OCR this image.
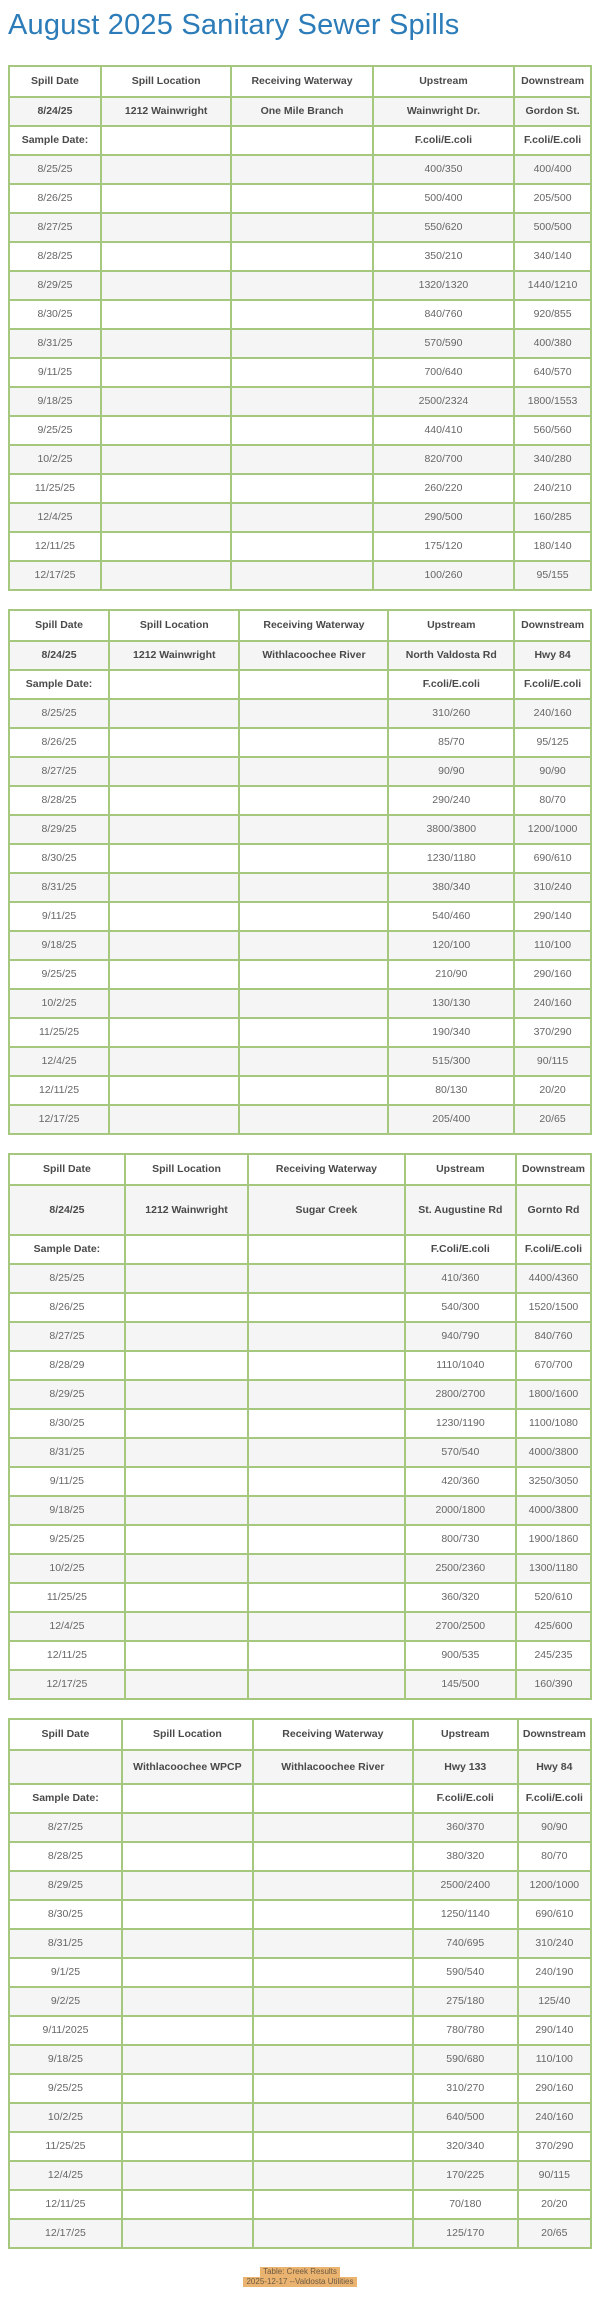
August 2025 Sanitary Sewer Spills
Spill Date	Spill Location	Receiving Waterway	Upstream	Downstream
8/24/25	1212 Wainwright	One Mile Branch	Wainwright Dr.	Gordon St.
Sample Date:			F.coli/E.coli	F.coli/E.coli
8/25/25			400/350	400/400
8/26/25			500/400	205/500
8/27/25			550/620	500/500
8/28/25			350/210	340/140
8/29/25			1320/1320	1440/1210
8/30/25			840/760	920/855
8/31/25			570/590	400/380
9/11/25			700/640	640/570
9/18/25			2500/2324	1800/1553
9/25/25			440/410	560/560
10/2/25			820/700	340/280
11/25/25			260/220	240/210
12/4/25			290/500	160/285
12/11/25			175/120	180/140
12/17/25			100/260	95/155
Spill Date	Spill Location	Receiving Waterway	Upstream	Downstream
8/24/25	1212 Wainwright	Withlacoochee River	North Valdosta Rd	Hwy 84
Sample Date:			F.coli/E.coli	F.coli/E.coli
8/25/25			310/260	240/160
8/26/25			85/70	95/125
8/27/25			90/90	90/90
8/28/25			290/240	80/70
8/29/25			3800/3800	1200/1000
8/30/25			1230/1180	690/610
8/31/25			380/340	310/240
9/11/25			540/460	290/140
9/18/25			120/100	110/100
9/25/25			210/90	290/160
10/2/25			130/130	240/160
11/25/25			190/340	370/290
12/4/25			515/300	90/115
12/11/25			80/130	20/20
12/17/25			205/400	20/65
Spill Date	Spill Location	Receiving Waterway	Upstream	Downstream
8/24/25	1212 Wainwright	Sugar Creek	St. Augustine Rd	Gornto Rd
Sample Date:			F.Coli/E.coli	F.coli/E.coli
8/25/25			410/360	4400/4360
8/26/25			540/300	1520/1500
8/27/25			940/790	840/760
8/28/29			1110/1040	670/700
8/29/25			2800/2700	1800/1600
8/30/25			1230/1190	1100/1080
8/31/25			570/540	4000/3800
9/11/25			420/360	3250/3050
9/18/25			2000/1800	4000/3800
9/25/25			800/730	1900/1860
10/2/25			2500/2360	1300/1180
11/25/25			360/320	520/610
12/4/25			2700/2500	425/600
12/11/25			900/535	245/235
12/17/25			145/500	160/390
Spill Date	Spill Location	Receiving Waterway	Upstream	Downstream
	Withlacoochee WPCP	Withlacoochee River	Hwy 133	Hwy 84
Sample Date:			F.coli/E.coli	F.coli/E.coli
8/27/25			360/370	90/90
8/28/25			380/320	80/70
8/29/25			2500/2400	1200/1000
8/30/25			1250/1140	690/610
8/31/25			740/695	310/240
9/1/25			590/540	240/190
9/2/25			275/180	125/40
9/11/2025			780/780	290/140
9/18/25			590/680	110/100
9/25/25			310/270	290/160
10/2/25			640/500	240/160
11/25/25			320/340	370/290
12/4/25			170/225	90/115
12/11/25			70/180	20/20
12/17/25			125/170	20/65
Table: Creek Results
2025-12-17 --Valdosta Utilities
